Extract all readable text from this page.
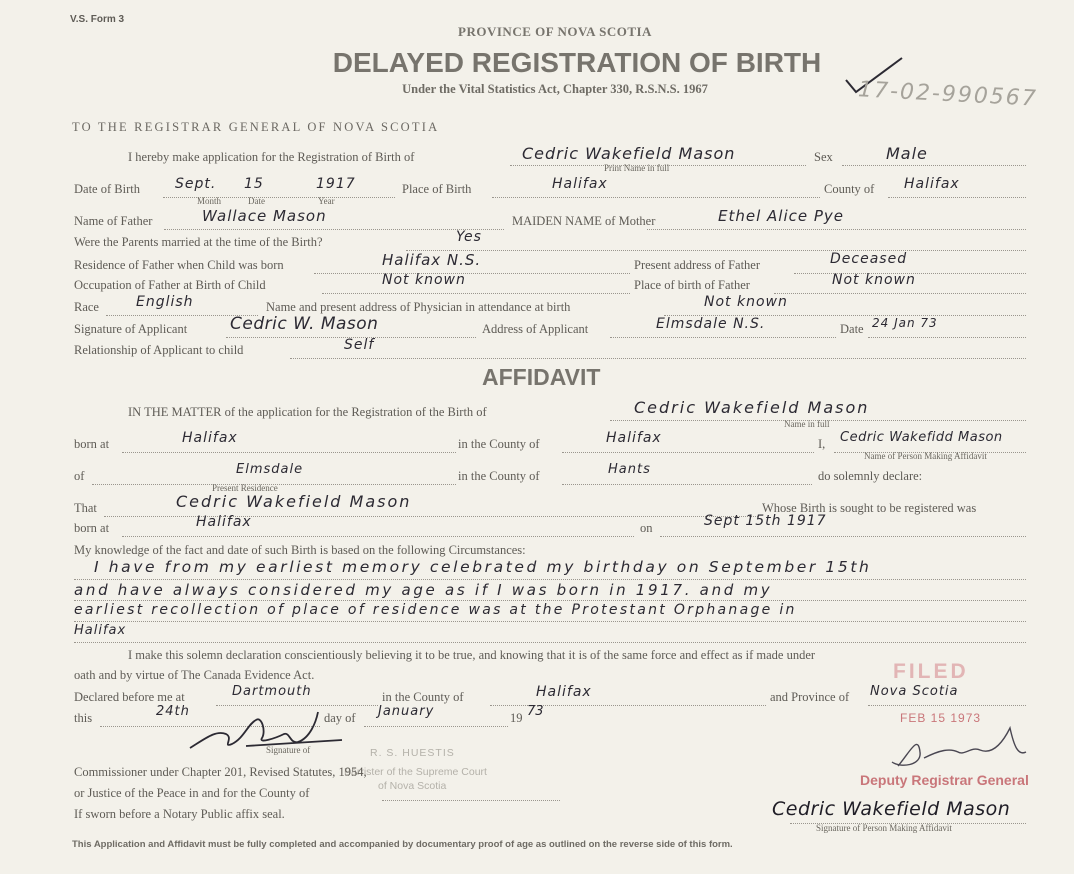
V.S. Form 3
PROVINCE OF NOVA SCOTIA
DELAYED REGISTRATION OF BIRTH
Under the Vital Statistics Act, Chapter 330, R.S.N.S. 1967	17-02-990567
TO THE REGISTRAR GENERAL OF NOVA SCOTIA
I hereby make application for the Registration of Birth of	Cedric Wakefield Mason
Print Name in full
Sex	Male
Date of Birth	Sept. 15	1917
Month	Date	Year
Place of Birth	Halifax	County of Halifax
Name of Father	Wallace Mason	MAIDEN NAME of Mother	Ethel Alice Pye
Were the Parents married at the time of the Birth?	Yes
Residence of Father when Child was born	Halifax N.S.	Present address of Father	Deceased
Occupation of Father at Birth of Child	Not known	Place of birth of Father	Not known
Race	English	Name and present address of Physician in attendance at birth	Not known
Signature of Applicant	Cedric W. Mason	Address of Applicant	Elmsdale N.S.	Date 24 Jan 73
Relationship of Applicant to child	Self
AFFIDAVIT
IN THE MATTER of the application for the Registration of the Birth of	Cedric Wakefield Mason
Name in full
born at	Halifax	in the County of	Halifax	I, Cedric Wakefidd Mason
Name of Person Making Affidavit
of	Elmsdale
Present Residence
in the County of	Hants	do solemnly declare:
That	Cedric Wakefield Mason	Whose Birth is sought to be registered was
born at	Halifax	on	Sept 15th 1917
My knowledge of the fact and date of such Birth is based on the following Circumstances:
I have from my earliest memory celebrated my birthday on September 15th
and have always considered my age as if I was born in 1917. and my
earliest recollection of place of residence was at the Protestant Orphanage in
Halifax
I make this solemn declaration conscientiously believing it to be true, and knowing that it is of the same force and effect as if made under
oath and by virtue of The Canada Evidence Act.
Declared before me at	Dartmouth	in the County of	Halifax	and Province of Nova Scotia
this	24th	day of January	19 73
Signature of	R. S. HUESTIS
Barrister of the Supreme Court
of Nova Scotia
Commissioner under Chapter 201, Revised Statutes, 1954,
or Justice of the Peace in and for the County of
If sworn before a Notary Public affix seal.
FILED
FEB 15 1973
Deputy Registrar General
Cedric Wakefield Mason
Signature of Person Making Affidavit
This Application and Affidavit must be fully completed and accompanied by documentary proof of age as outlined on the reverse side of this form.
